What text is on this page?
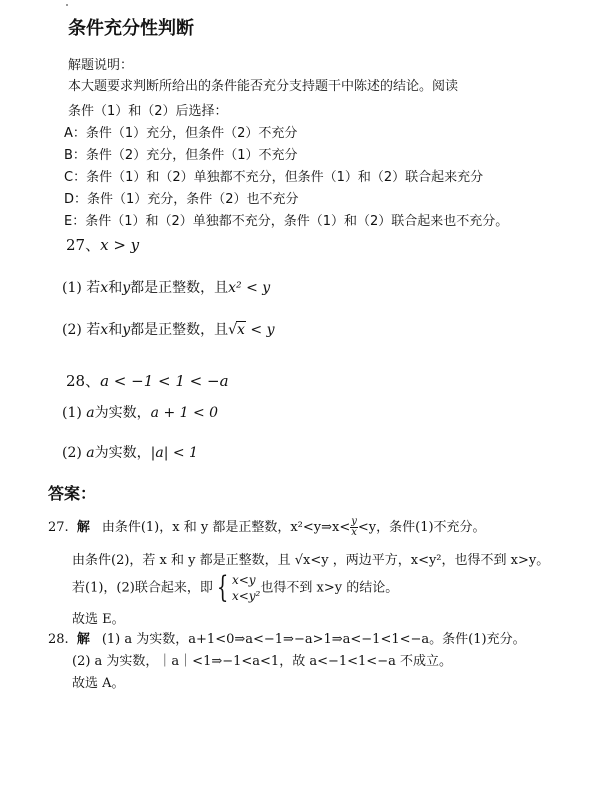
条件充分性判断
解题说明：
本大题要求判断所给出的条件能否充分支持题干中陈述的结论。阅读
条件（1）和（2）后选择：
A：条件（1）充分，但条件（2）不充分
B：条件（2）充分，但条件（1）不充分
C：条件（1）和（2）单独都不充分，但条件（1）和（2）联合起来充分
D：条件（1）充分，条件（2）也不充分
E：条件（1）和（2）单独都不充分，条件（1）和（2）联合起来也不充分。
27、x > y
(1) 若x和y都是正整数，且x² < y
(2) 若x和y都是正整数，且√x < y
28、a < −1 < 1 < −a
(1) a为实数，a + 1 < 0
(2) a为实数，|a| < 1
答案：
27. 解 由条件(1)，x 和 y 都是正整数，x²<y⇒x< $\frac{y}{x} <y$，条件(1)不充分。
由条件(2)，若 x 和 y 都是正整数，且 √x<y ，两边平方，x<y²，也得不到 x>y。
若(1)，(2)联合起来，即 { x<y
x<y²
也得不到 x>y 的结论。
故选 E。
28. 解 (1) a 为实数，a+1<0⇒a<−1⇒−a>1⇒a<−1<1<−a。条件(1)充分。
(2) a 为实数，｜a｜<1⇒−1<a<1，故 a<−1<1<−a 不成立。
故选 A。
